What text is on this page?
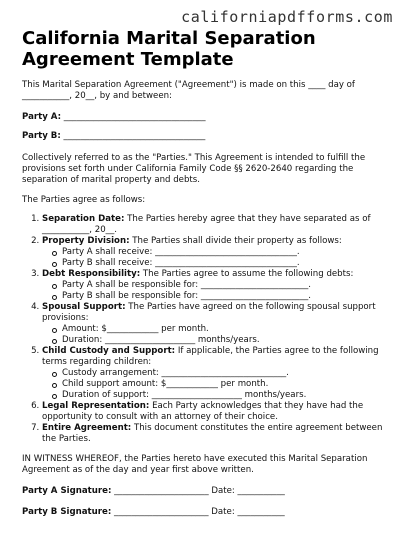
californiapdfforms.com
California Marital Separation Agreement Template

This Marital Separation Agreement ("Agreement") is made on this ____ day of ___________, 20__, by and between:

Party A: _________________________________
Party B: _________________________________

Collectively referred to as the "Parties." This Agreement is intended to fulfill the provisions set forth under California Family Code §§ 2620-2640 regarding the separation of marital property and debts.

The Parties agree as follows:

1. Separation Date: The Parties hereby agree that they have separated as of ___________, 20__.
2. Property Division: The Parties shall divide their property as follows:
Party A shall receive: _________________________________.
Party B shall receive: _________________________________.
3. Debt Responsibility: The Parties agree to assume the following debts:
Party A shall be responsible for: _________________________.
Party B shall be responsible for: _________________________.
4. Spousal Support: The Parties have agreed on the following spousal support provisions:
Amount: $____________ per month.
Duration: _____________________ months/years.
5. Child Custody and Support: If applicable, the Parties agree to the following terms regarding children:
Custody arrangement: _____________________________.
Child support amount: $____________ per month.
Duration of support: _____________________ months/years.
6. Legal Representation: Each Party acknowledges that they have had the opportunity to consult with an attorney of their choice.
7. Entire Agreement: This document constitutes the entire agreement between the Parties.

IN WITNESS WHEREOF, the Parties hereto have executed this Marital Separation Agreement as of the day and year first above written.

Party A Signature: ______________________ Date: ___________
Party B Signature: ______________________ Date: ___________
